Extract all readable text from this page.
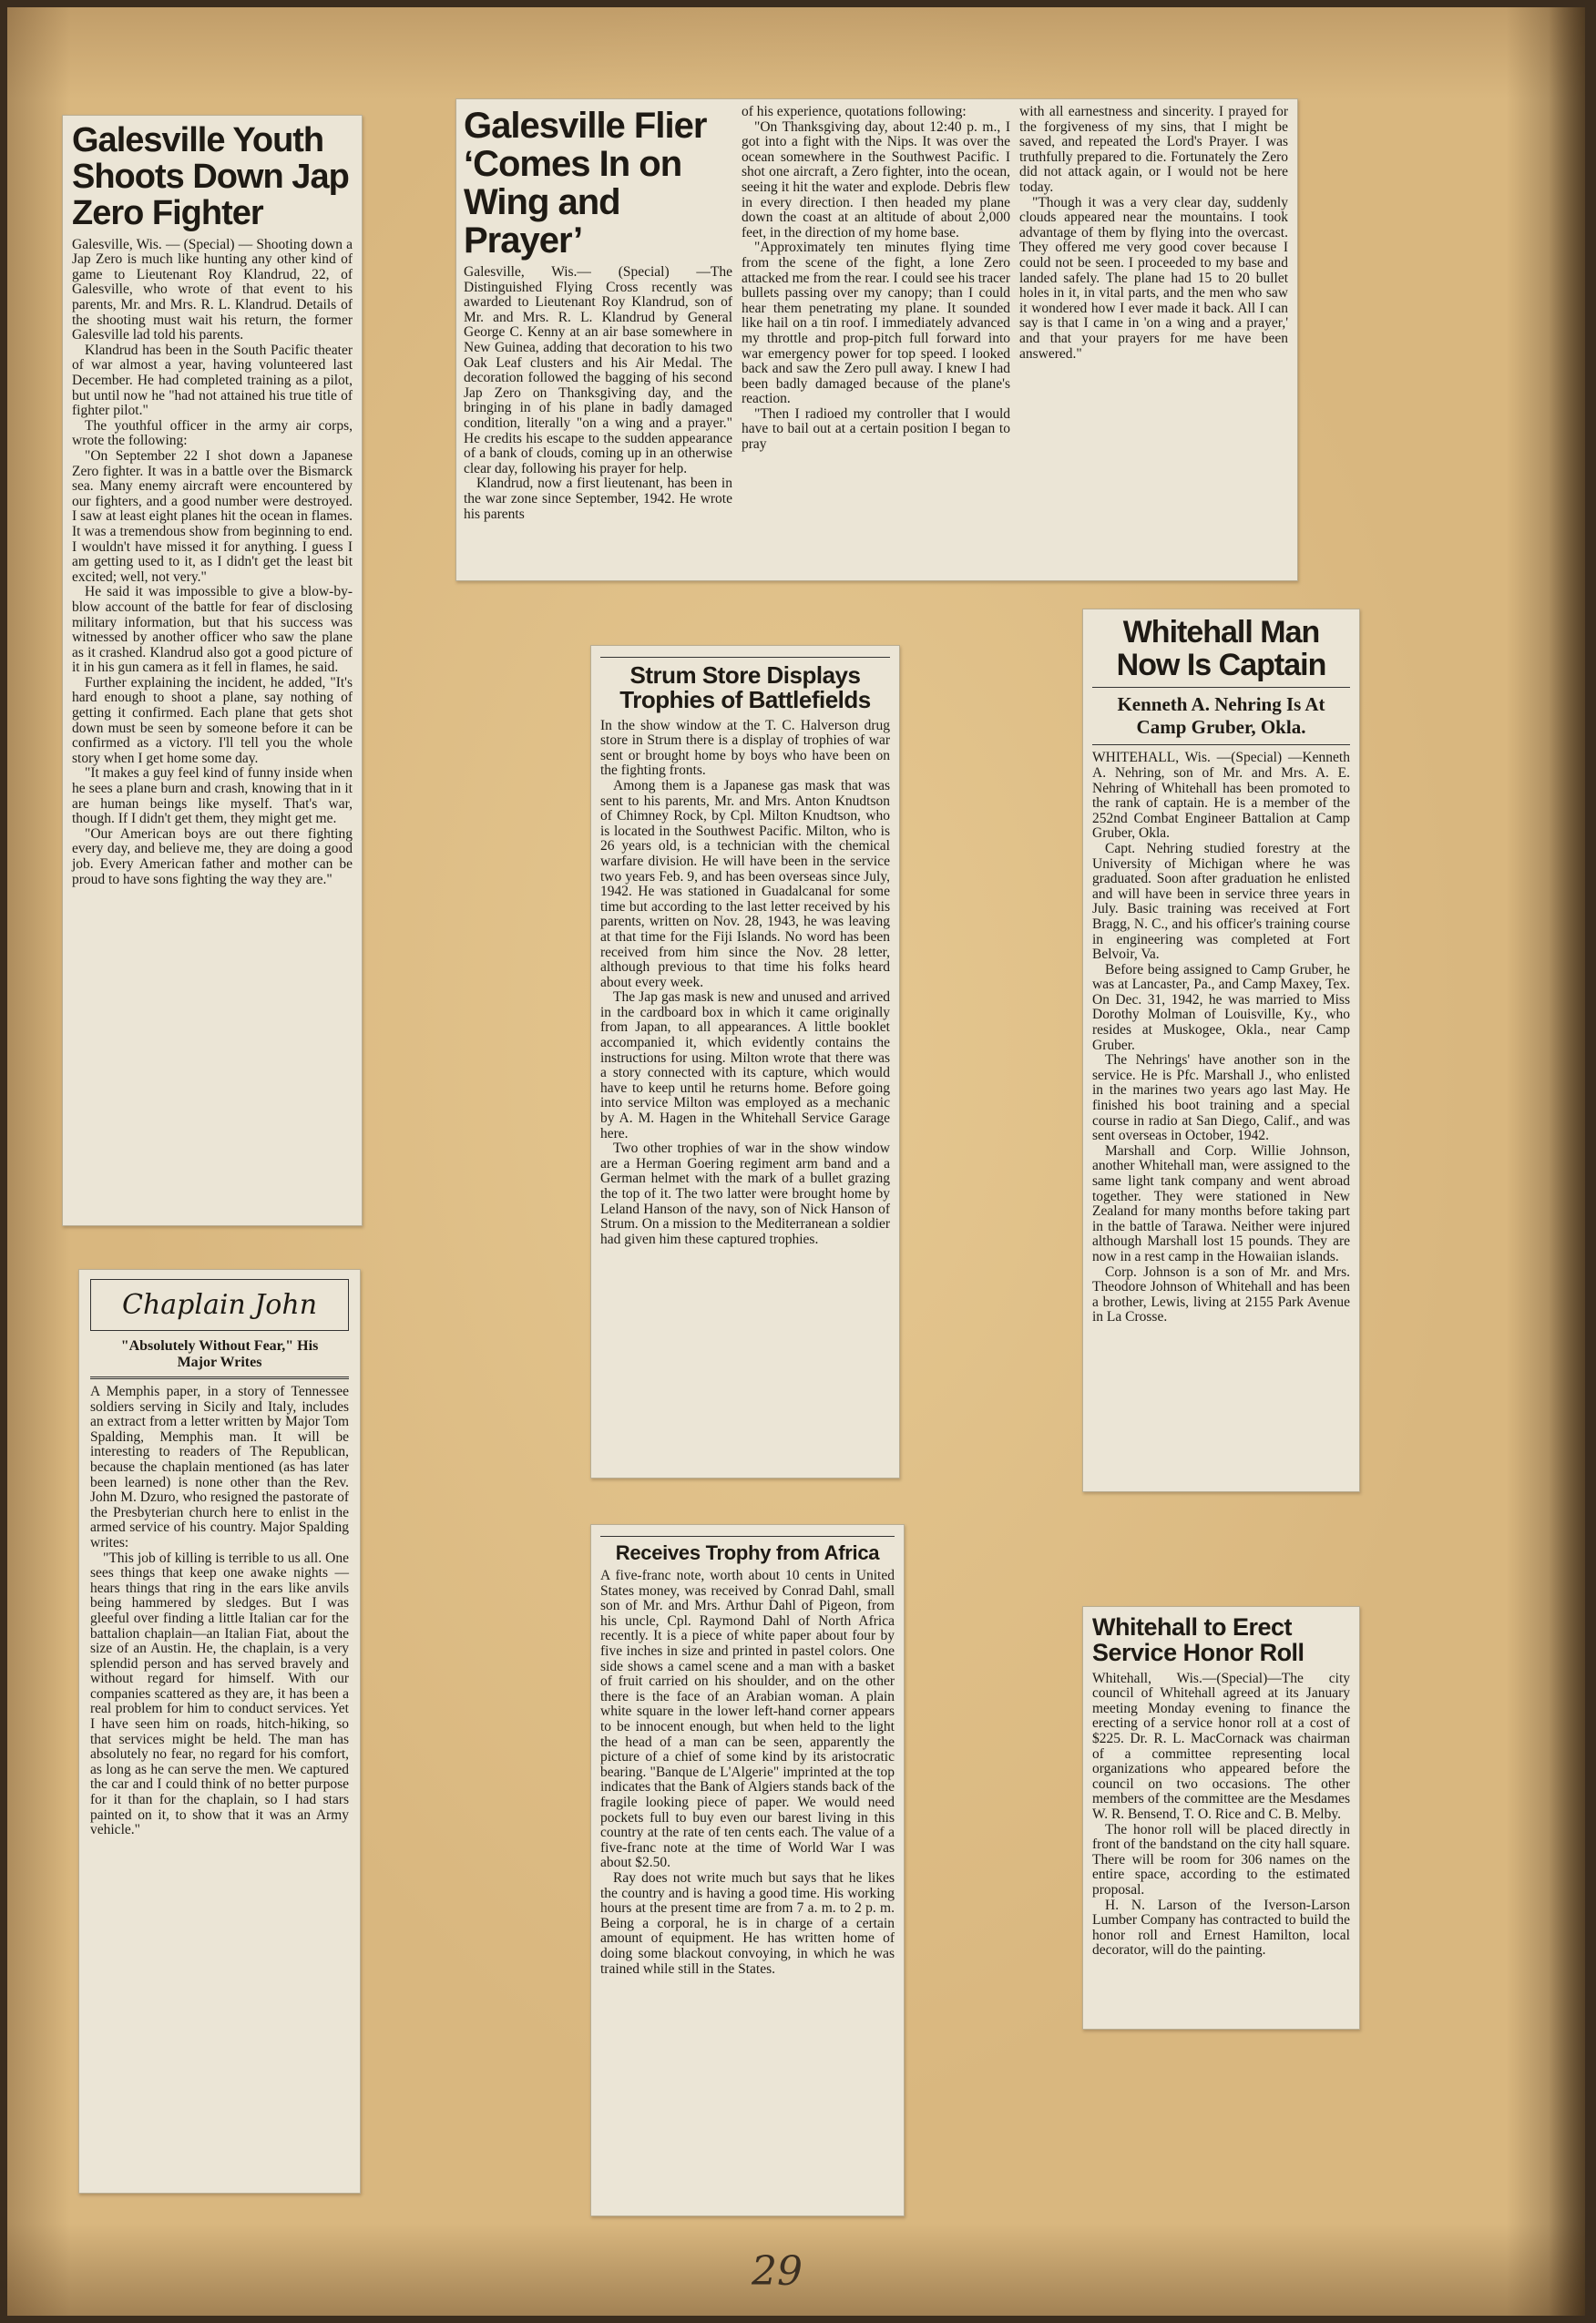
Galesville Youth Shoots Down Jap Zero Fighter

Galesville, Wis. — (Special) — Shooting down a Jap Zero is much like hunting any other kind of game to Lieutenant Roy Klandrud, 22, of Galesville, who wrote of that event to his parents, Mr. and Mrs. R. L. Klandrud. Details of the shooting must wait his return, the former Galesville lad told his parents.

Klandrud has been in the South Pacific theater of war almost a year, having volunteered last December. He had completed training as a pilot, but until now he "had not attained his true title of fighter pilot."

The youthful officer in the army air corps, wrote the following:

"On September 22 I shot down a Japanese Zero fighter. It was in a battle over the Bismarck sea. Many enemy aircraft were encountered by our fighters, and a good number were destroyed. I saw at least eight planes hit the ocean in flames. It was a tremendous show from beginning to end. I wouldn't have missed it for anything. I guess I am getting used to it, as I didn't get the least bit excited; well, not very."

He said it was impossible to give a blow-by-blow account of the battle for fear of disclosing military information, but that his success was witnessed by another officer who saw the plane as it crashed. Klandrud also got a good picture of it in his gun camera as it fell in flames, he said.

Further explaining the incident, he added, "It's hard enough to shoot a plane, say nothing of getting it confirmed. Each plane that gets shot down must be seen by someone before it can be confirmed as a victory. I'll tell you the whole story when I get home some day.

"It makes a guy feel kind of funny inside when he sees a plane burn and crash, knowing that in it are human beings like myself. That's war, though. If I didn't get them, they might get me.

"Our American boys are out there fighting every day, and believe me, they are doing a good job. Every American father and mother can be proud to have sons fighting the way they are."

Galesville Flier ‘Comes In on Wing and Prayer’

Galesville, Wis.— (Special) —The Distinguished Flying Cross recently was awarded to Lieutenant Roy Klandrud, son of Mr. and Mrs. R. L. Klandrud by General George C. Kenny at an air base somewhere in New Guinea, adding that decoration to his two Oak Leaf clusters and his Air Medal. The decoration followed the bagging of his second Jap Zero on Thanksgiving day, and the bringing in of his plane in badly damaged condition, literally "on a wing and a prayer." He credits his escape to the sudden appearance of a bank of clouds, coming up in an otherwise clear day, following his prayer for help.

Klandrud, now a first lieutenant, has been in the war zone since September, 1942. He wrote his parents

of his experience, quotations following:

"On Thanksgiving day, about 12:40 p. m., I got into a fight with the Nips. It was over the ocean somewhere in the Southwest Pacific. I shot one aircraft, a Zero fighter, into the ocean, seeing it hit the water and explode. Debris flew in every direction. I then headed my plane down the coast at an altitude of about 2,000 feet, in the direction of my home base.

"Approximately ten minutes flying time from the scene of the fight, a lone Zero attacked me from the rear. I could see his tracer bullets passing over my canopy; than I could hear them penetrating my plane. It sounded like hail on a tin roof. I immediately advanced my throttle and prop-pitch full forward into war emergency power for top speed. I looked back and saw the Zero pull away. I knew I had been badly damaged because of the plane's reaction.

"Then I radioed my controller that I would have to bail out at a certain position I began to pray

with all earnestness and sincerity. I prayed for the forgiveness of my sins, that I might be saved, and repeated the Lord's Prayer. I was truthfully prepared to die. Fortunately the Zero did not attack again, or I would not be here today.

"Though it was a very clear day, suddenly clouds appeared near the mountains. I took advantage of them by flying into the overcast. They offered me very good cover because I could not be seen. I proceeded to my base and landed safely. The plane had 15 to 20 bullet holes in it, in vital parts, and the men who saw it wondered how I ever made it back. All I can say is that I came in 'on a wing and a prayer,' and that your prayers for me have been answered."

Strum Store Displays Trophies of Battlefields

In the show window at the T. C. Halverson drug store in Strum there is a display of trophies of war sent or brought home by boys who have been on the fighting fronts.

Among them is a Japanese gas mask that was sent to his parents, Mr. and Mrs. Anton Knudtson of Chimney Rock, by Cpl. Milton Knudtson, who is located in the Southwest Pacific. Milton, who is 26 years old, is a technician with the chemical warfare division. He will have been in the service two years Feb. 9, and has been overseas since July, 1942. He was stationed in Guadalcanal for some time but according to the last letter received by his parents, written on Nov. 28, 1943, he was leaving at that time for the Fiji Islands. No word has been received from him since the Nov. 28 letter, although previous to that time his folks heard about every week.

The Jap gas mask is new and unused and arrived in the cardboard box in which it came originally from Japan, to all appearances. A little booklet accompanied it, which evidently contains the instructions for using. Milton wrote that there was a story connected with its capture, which would have to keep until he returns home. Before going into service Milton was employed as a mechanic by A. M. Hagen in the Whitehall Service Garage here.

Two other trophies of war in the show window are a Herman Goering regiment arm band and a German helmet with the mark of a bullet grazing the top of it. The two latter were brought home by Leland Hanson of the navy, son of Nick Hanson of Strum. On a mission to the Mediterranean a soldier had given him these captured trophies.

Whitehall Man Now Is Captain
Kenneth A. Nehring Is At Camp Gruber, Okla.

WHITEHALL, Wis. —(Special) —Kenneth A. Nehring, son of Mr. and Mrs. A. E. Nehring of Whitehall has been promoted to the rank of captain. He is a member of the 252nd Combat Engineer Battalion at Camp Gruber, Okla.

Capt. Nehring studied forestry at the University of Michigan where he was graduated. Soon after graduation he enlisted and will have been in service three years in July. Basic training was received at Fort Bragg, N. C., and his officer's training course in engineering was completed at Fort Belvoir, Va.

Before being assigned to Camp Gruber, he was at Lancaster, Pa., and Camp Maxey, Tex. On Dec. 31, 1942, he was married to Miss Dorothy Molman of Louisville, Ky., who resides at Muskogee, Okla., near Camp Gruber.

The Nehrings' have another son in the service. He is Pfc. Marshall J., who enlisted in the marines two years ago last May. He finished his boot training and a special course in radio at San Diego, Calif., and was sent overseas in October, 1942.

Marshall and Corp. Willie Johnson, another Whitehall man, were assigned to the same light tank company and went abroad together. They were stationed in New Zealand for many months before taking part in the battle of Tarawa. Neither were injured although Marshall lost 15 pounds. They are now in a rest camp in the Howaiian islands.

Corp. Johnson is a son of Mr. and Mrs. Theodore Johnson of Whitehall and has been a brother, Lewis, living at 2155 Park Avenue in La Crosse.

Chaplain John
"Absolutely Without Fear," His Major Writes

A Memphis paper, in a story of Tennessee soldiers serving in Sicily and Italy, includes an extract from a letter written by Major Tom Spalding, Memphis man. It will be interesting to readers of The Republican, because the chaplain mentioned (as has later been learned) is none other than the Rev. John M. Dzuro, who resigned the pastorate of the Presbyterian church here to enlist in the armed service of his country. Major Spalding writes:

"This job of killing is terrible to us all. One sees things that keep one awake nights — hears things that ring in the ears like anvils being hammered by sledges. But I was gleeful over finding a little Italian car for the battalion chaplain—an Italian Fiat, about the size of an Austin. He, the chaplain, is a very splendid person and has served bravely and without regard for himself. With our companies scattered as they are, it has been a real problem for him to conduct services. Yet I have seen him on roads, hitch-hiking, so that services might be held. The man has absolutely no fear, no regard for his comfort, as long as he can serve the men. We captured the car and I could think of no better purpose for it than for the chaplain, so I had stars painted on it, to show that it was an Army vehicle."

Receives Trophy from Africa

A five-franc note, worth about 10 cents in United States money, was received by Conrad Dahl, small son of Mr. and Mrs. Arthur Dahl of Pigeon, from his uncle, Cpl. Raymond Dahl of North Africa recently. It is a piece of white paper about four by five inches in size and printed in pastel colors. One side shows a camel scene and a man with a basket of fruit carried on his shoulder, and on the other there is the face of an Arabian woman. A plain white square in the lower left-hand corner appears to be innocent enough, but when held to the light the head of a man can be seen, apparently the picture of a chief of some kind by its aristocratic bearing. "Banque de L'Algerie" imprinted at the top indicates that the Bank of Algiers stands back of the fragile looking piece of paper. We would need pockets full to buy even our barest living in this country at the rate of ten cents each. The value of a five-franc note at the time of World War I was about $2.50.

Ray does not write much but says that he likes the country and is having a good time. His working hours at the present time are from 7 a. m. to 2 p. m. Being a corporal, he is in charge of a certain amount of equipment. He has written home of doing some blackout convoying, in which he was trained while still in the States.

Whitehall to Erect Service Honor Roll

Whitehall, Wis.—(Special)—The city council of Whitehall agreed at its January meeting Monday evening to finance the erecting of a service honor roll at a cost of $225. Dr. R. L. MacCornack was chairman of a committee representing local organizations who appeared before the council on two occasions. The other members of the committee are the Mesdames W. R. Bensend, T. O. Rice and C. B. Melby.

The honor roll will be placed directly in front of the bandstand on the city hall square. There will be room for 306 names on the entire space, according to the estimated proposal.

H. N. Larson of the Iverson-Larson Lumber Company has contracted to build the honor roll and Ernest Hamilton, local decorator, will do the painting.

29
